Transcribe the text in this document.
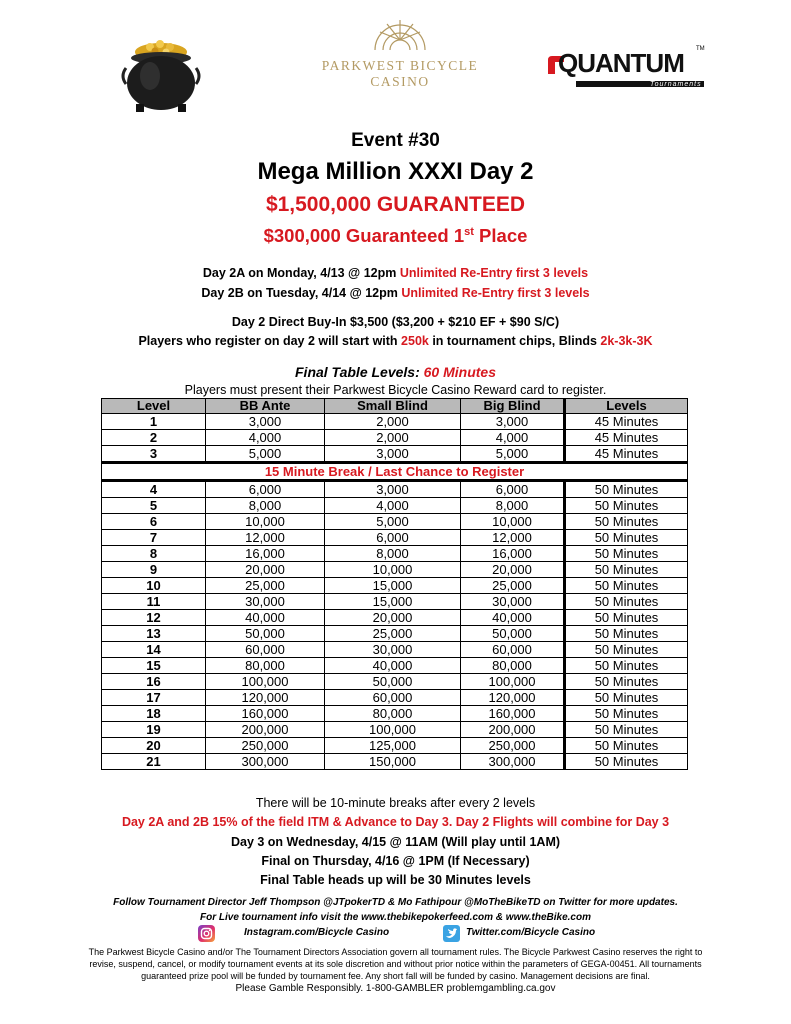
PARKWEST BICYCLE
CASINO
QUANTUM TM
Tournaments
Event #30
Mega Million XXXI Day 2
$1,500,000 GUARANTEED
$300,000 Guaranteed 1st Place
Day 2A on Monday, 4/13 @ 12pm Unlimited Re-Entry first 3 levels
Day 2B on Tuesday, 4/14 @ 12pm Unlimited Re-Entry first 3 levels
Day 2 Direct Buy-In $3,500 ($3,200 + $210 EF + $90 S/C)
Players who register on day 2 will start with 250k in tournament chips, Blinds 2k-3k-3K
Final Table Levels: 60 Minutes
Players must present their Parkwest Bicycle Casino Reward card to register.
Level	BB Ante	Small Blind	Big Blind	Levels
1	3,000	2,000	3,000	45 Minutes
2	4,000	2,000	4,000	45 Minutes
3	5,000	3,000	5,000	45 Minutes
15 Minute Break / Last Chance to Register				
4	6,000	3,000	6,000	50 Minutes
5	8,000	4,000	8,000	50 Minutes
6	10,000	5,000	10,000	50 Minutes
7	12,000	6,000	12,000	50 Minutes
8	16,000	8,000	16,000	50 Minutes
9	20,000	10,000	20,000	50 Minutes
10	25,000	15,000	25,000	50 Minutes
11	30,000	15,000	30,000	50 Minutes
12	40,000	20,000	40,000	50 Minutes
13	50,000	25,000	50,000	50 Minutes
14	60,000	30,000	60,000	50 Minutes
15	80,000	40,000	80,000	50 Minutes
16	100,000	50,000	100,000	50 Minutes
17	120,000	60,000	120,000	50 Minutes
18	160,000	80,000	160,000	50 Minutes
19	200,000	100,000	200,000	50 Minutes
20	250,000	125,000	250,000	50 Minutes
21	300,000	150,000	300,000	50 Minutes
There will be 10-minute breaks after every 2 levels
Day 2A and 2B 15% of the field ITM & Advance to Day 3. Day 2 Flights will combine for Day 3
Day 3 on Wednesday, 4/15 @ 11AM (Will play until 1AM)
Final on Thursday, 4/16 @ 1PM (If Necessary)
Final Table heads up will be 30 Minutes levels
Follow Tournament Director Jeff Thompson @JTpokerTD & Mo Fathipour @MoTheBikeTD on Twitter for more updates.
For Live tournament info visit the www.thebikepokerfeed.com & www.theBike.com
Instagram.com/Bicycle Casino	Twitter.com/Bicycle Casino
The Parkwest Bicycle Casino and/or The Tournament Directors Association govern all tournament rules. The Bicycle Parkwest Casino reserves the right to
revise, suspend, cancel, or modify tournament events at its sole discretion and without prior notice within the parameters of GEGA-00451. All tournaments
guaranteed prize pool will be funded by tournament fee. Any short fall will be funded by casino. Management decisions are final.
Please Gamble Responsibly. 1-800-GAMBLER problemgambling.ca.gov
